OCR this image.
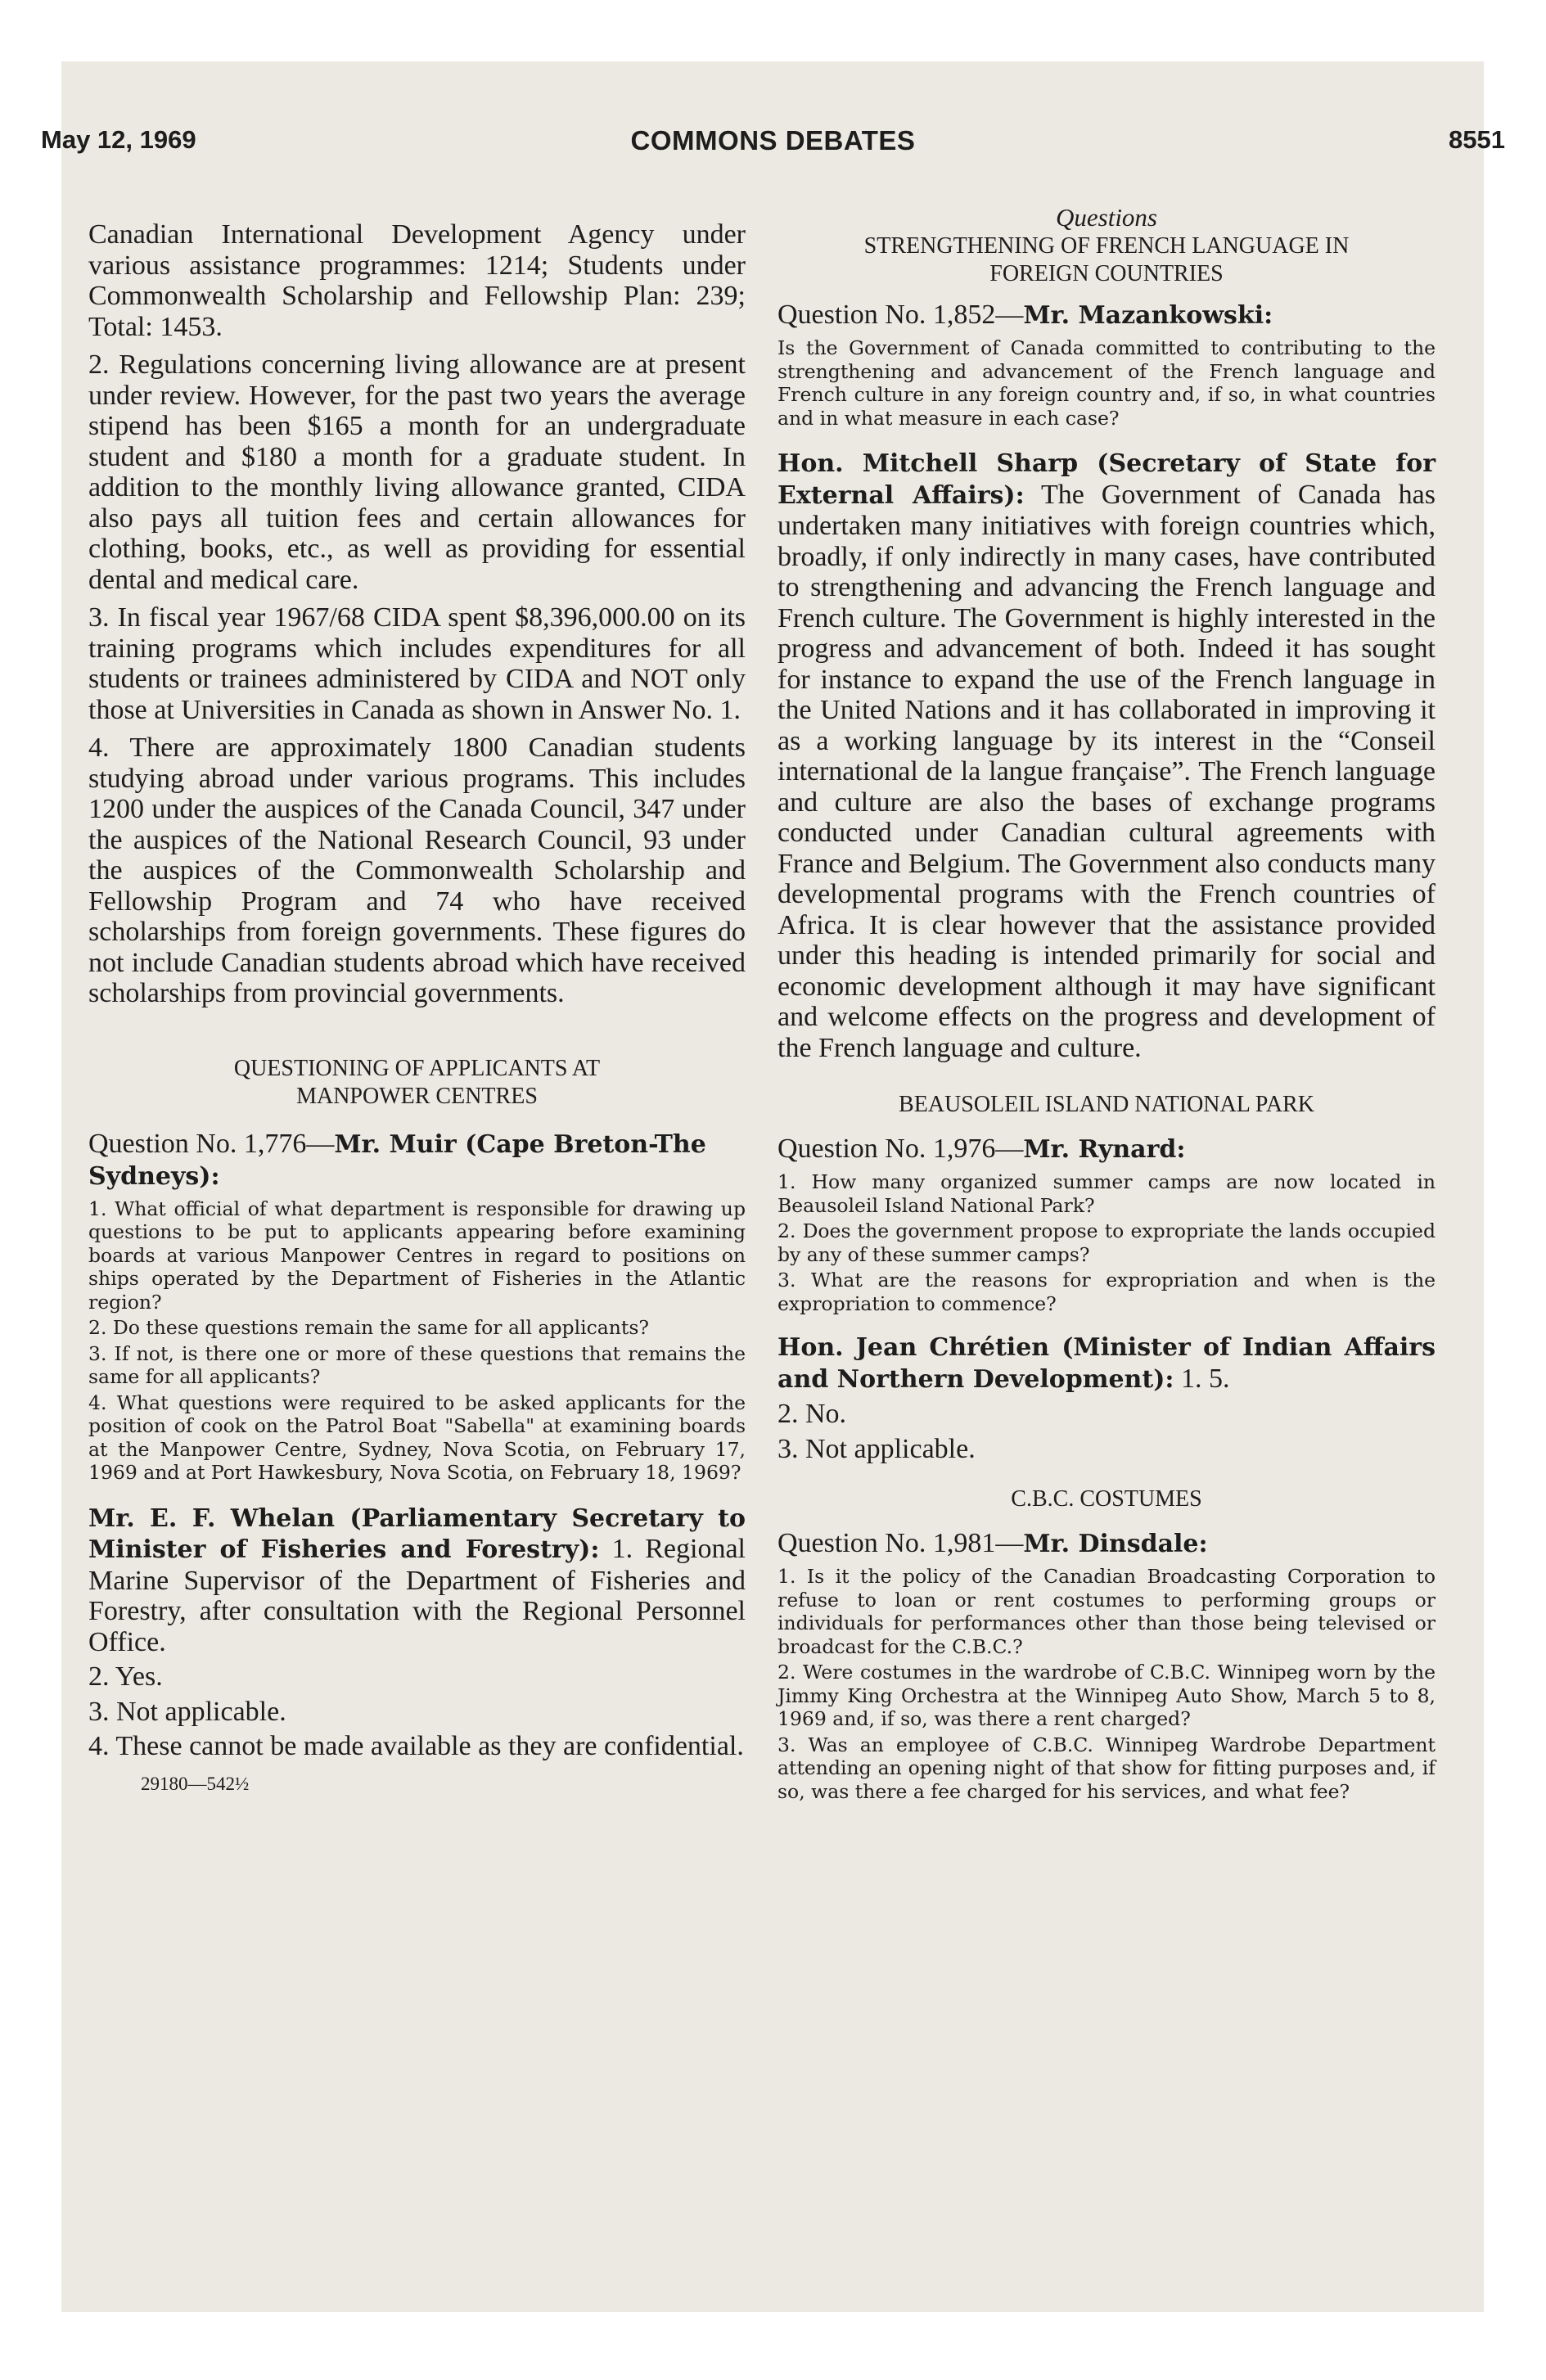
May 12, 1969	COMMONS DEBATES	8551

Canadian International Development Agency under various assistance programmes: 1214; Students under Commonwealth Scholarship and Fellowship Plan: 239; Total: 1453.

2. Regulations concerning living allowance are at present under review. However, for the past two years the average stipend has been $165 a month for an undergraduate student and $180 a month for a graduate student. In addition to the monthly living allowance granted, CIDA also pays all tuition fees and certain allowances for clothing, books, etc., as well as providing for essential dental and medical care.

3. In fiscal year 1967/68 CIDA spent $8,396,000.00 on its training programs which includes expenditures for all students or trainees administered by CIDA and NOT only those at Universities in Canada as shown in Answer No. 1.

4. There are approximately 1800 Canadian students studying abroad under various programs. This includes 1200 under the auspices of the Canada Council, 347 under the auspices of the National Research Council, 93 under the auspices of the Commonwealth Scholarship and Fellowship Program and 74 who have received scholarships from foreign governments. These figures do not include Canadian students abroad which have received scholarships from provincial governments.

QUESTIONING OF APPLICANTS AT

MANPOWER CENTRES

Question No. 1,776—Mr. Muir (Cape Breton-The Sydneys):

1. What official of what department is responsible for drawing up questions to be put to applicants appearing before examining boards at various Manpower Centres in regard to positions on ships operated by the Department of Fisheries in the Atlantic region?

2. Do these questions remain the same for all applicants?

3. If not, is there one or more of these questions that remains the same for all applicants?

4. What questions were required to be asked applicants for the position of cook on the Patrol Boat "Sabella" at examining boards at the Manpower Centre, Sydney, Nova Scotia, on February 17, 1969 and at Port Hawkesbury, Nova Scotia, on February 18, 1969?

Mr. E. F. Whelan (Parliamentary Secretary to Minister of Fisheries and Forestry): 1. Regional Marine Supervisor of the Department of Fisheries and Forestry, after consultation with the Regional Personnel Office.

2. Yes.

3. Not applicable.

4. These cannot be made available as they are confidential.

29180—542½

Questions

STRENGTHENING OF FRENCH LANGUAGE IN

FOREIGN COUNTRIES

Question No. 1,852—Mr. Mazankowski:

Is the Government of Canada committed to contributing to the strengthening and advancement of the French language and French culture in any foreign country and, if so, in what countries and in what measure in each case?

Hon. Mitchell Sharp (Secretary of State for External Affairs): The Government of Canada has undertaken many initiatives with foreign countries which, broadly, if only indirectly in many cases, have contributed to strengthening and advancing the French language and French culture. The Government is highly interested in the progress and advancement of both. Indeed it has sought for instance to expand the use of the French language in the United Nations and it has collaborated in improving it as a working language by its interest in the “Conseil international de la langue française”. The French language and culture are also the bases of exchange programs conducted under Canadian cultural agreements with France and Belgium. The Government also conducts many developmental programs with the French countries of Africa. It is clear however that the assistance provided under this heading is intended primarily for social and economic development although it may have significant and welcome effects on the progress and development of the French language and culture.

BEAUSOLEIL ISLAND NATIONAL PARK

Question No. 1,976—Mr. Rynard:

1. How many organized summer camps are now located in Beausoleil Island National Park?

2. Does the government propose to expropriate the lands occupied by any of these summer camps?

3. What are the reasons for expropriation and when is the expropriation to commence?

Hon. Jean Chrétien (Minister of Indian Affairs and Northern Development): 1. 5.

2. No.

3. Not applicable.

C.B.C. COSTUMES

Question No. 1,981—Mr. Dinsdale:

1. Is it the policy of the Canadian Broadcasting Corporation to refuse to loan or rent costumes to performing groups or individuals for performances other than those being televised or broadcast for the C.B.C.?

2. Were costumes in the wardrobe of C.B.C. Winnipeg worn by the Jimmy King Orchestra at the Winnipeg Auto Show, March 5 to 8, 1969 and, if so, was there a rent charged?

3. Was an employee of C.B.C. Winnipeg Wardrobe Department attending an opening night of that show for fitting purposes and, if so, was there a fee charged for his services, and what fee?
